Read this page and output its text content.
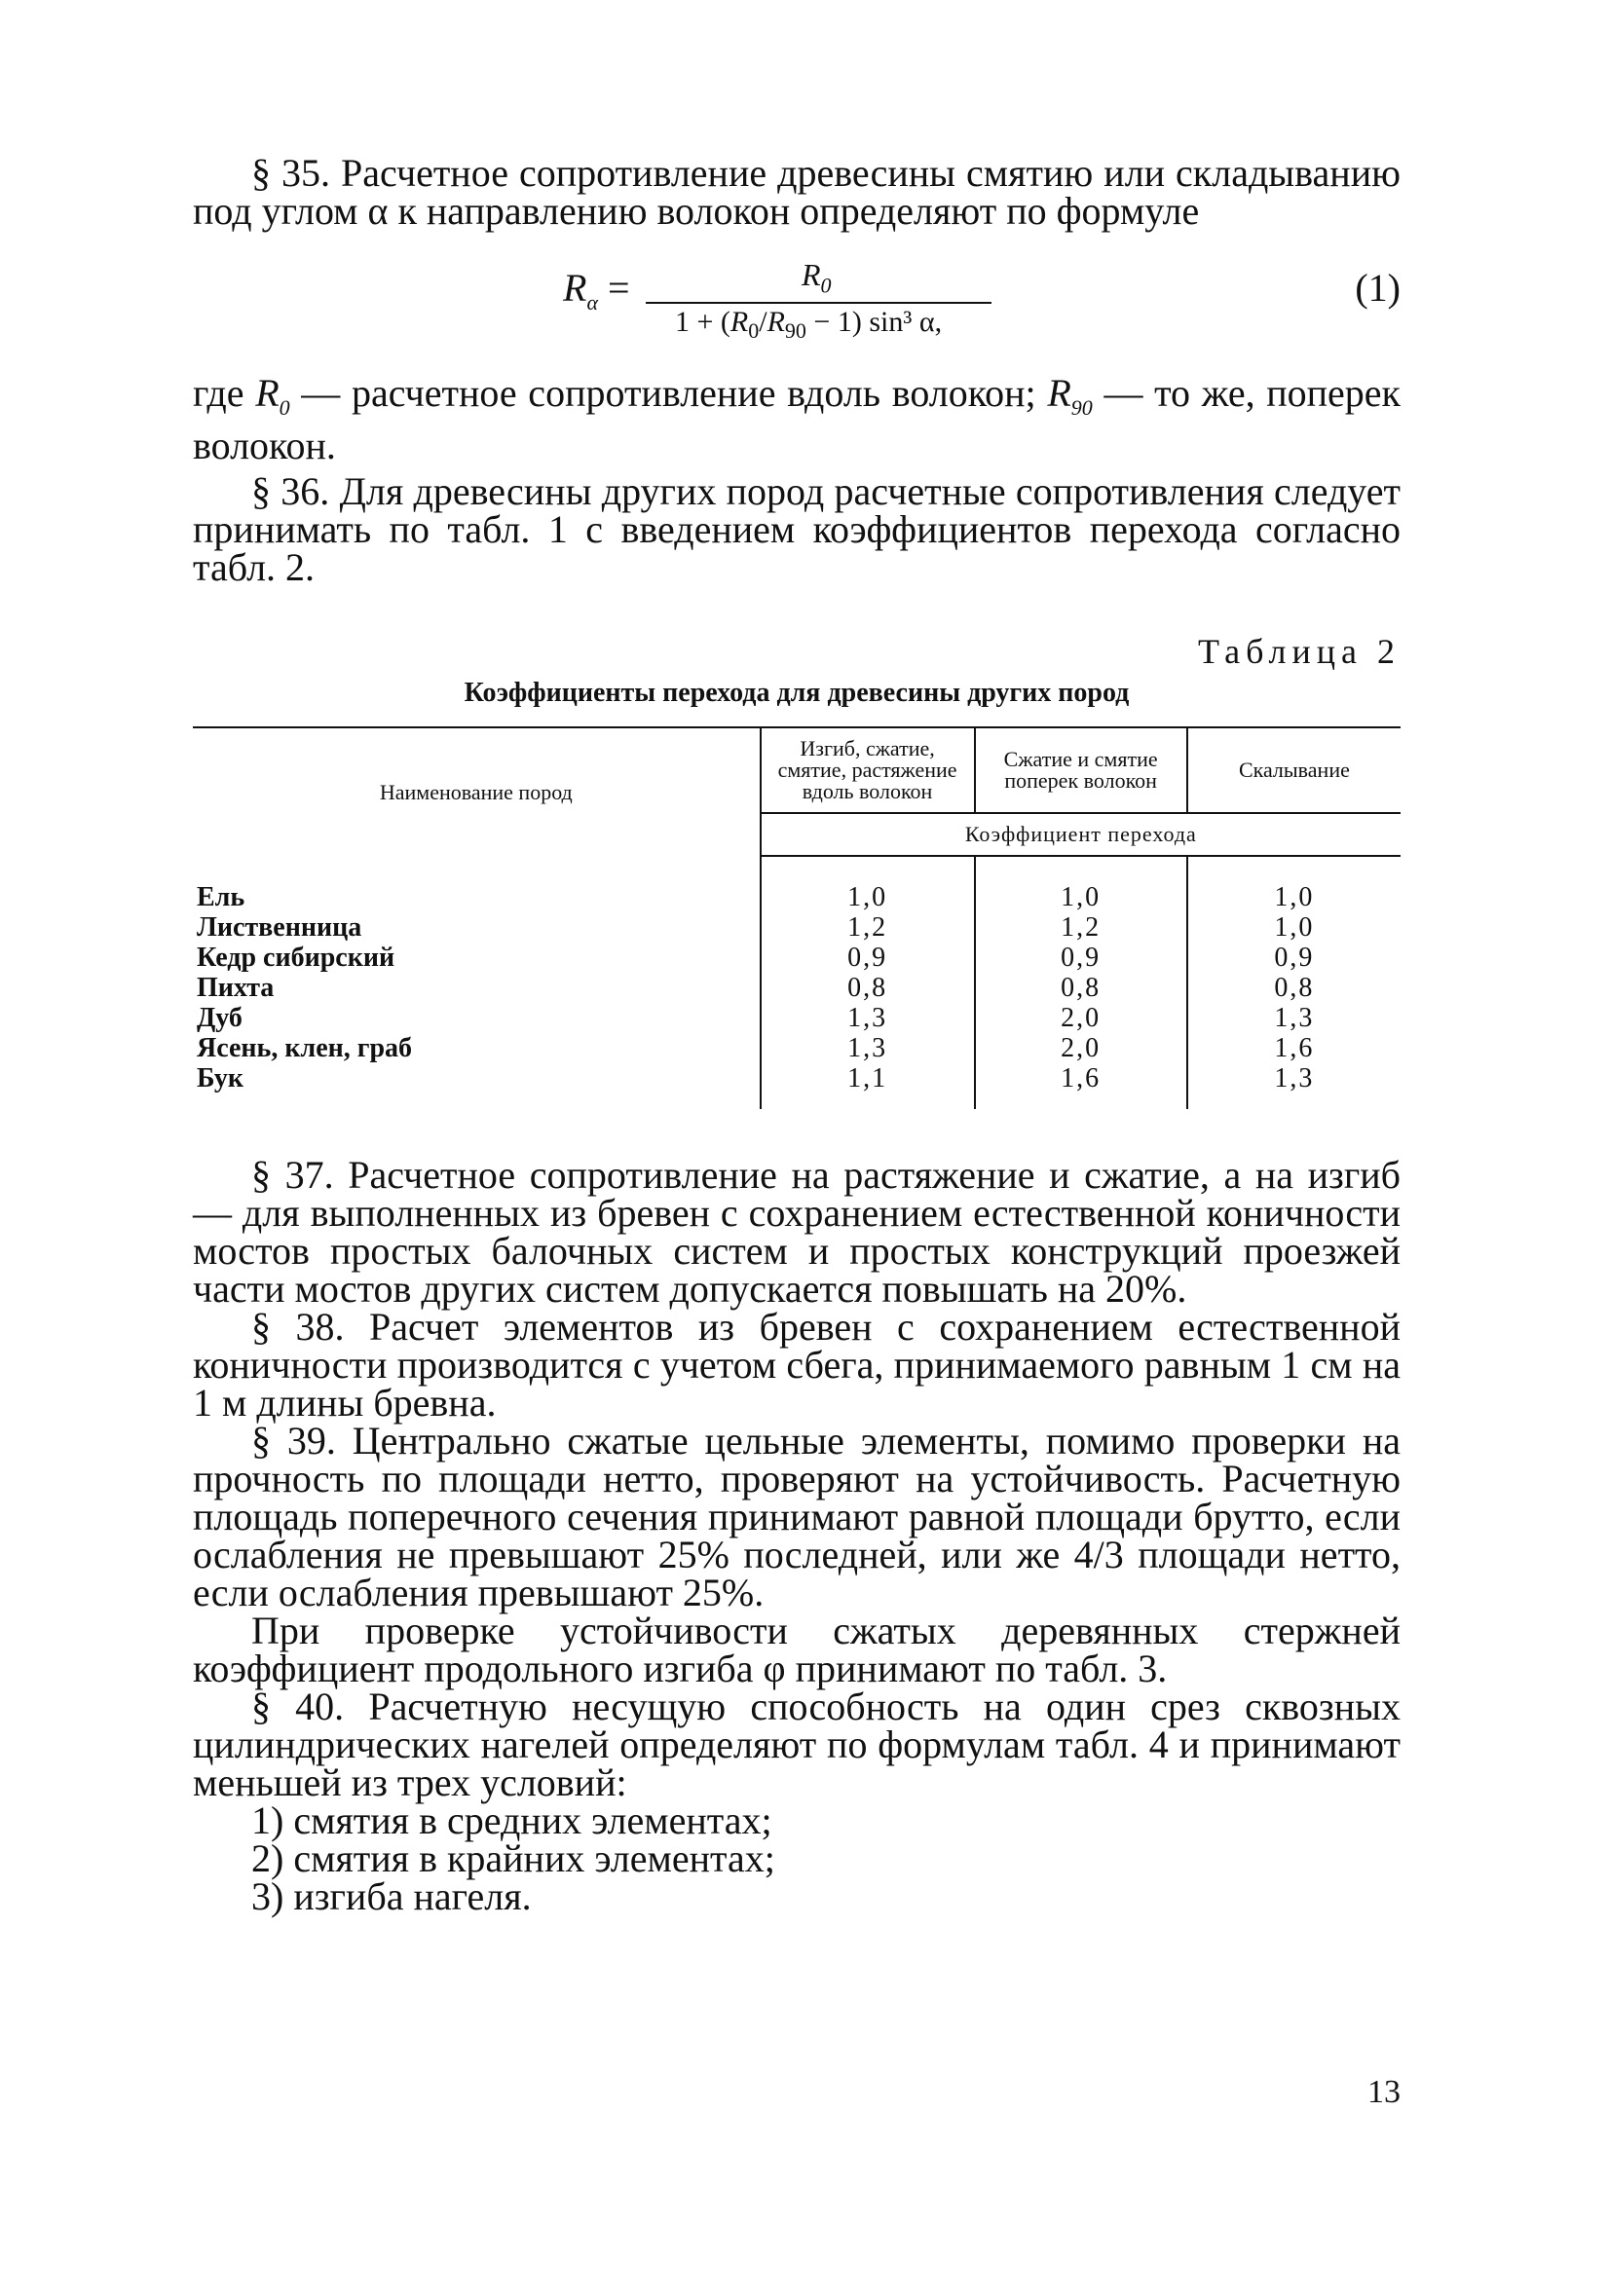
§ 35. Расчетное сопротивление древесины смятию или складыванию под углом α к направлению волокон определяют по формуле

$R_\alpha$ =	$R_0$
$1 + (R_0/R_{90} - 1)$ sin³ α,
(1)

где $R_0$ — расчетное сопротивление вдоль волокон; $R_{90}$ — то же, поперек волокон.

§ 36. Для древесины других пород расчетные сопротивления следует принимать по табл. 1 с введением коэффициентов перехода согласно табл. 2.

Таблица 2
Коэффициенты перехода для древесины других пород
Наименование пород	Изгиб, сжатие, смятие, растяжение вдоль волокон	Сжатие и смятие поперек волокон	Скалывание
	Коэффициент перехода		

Ель	1,0	1,0	1,0
Лиственница	1,2	1,2	1,0
Кедр сибирский	0,9	0,9	0,9
Пихта	0,8	0,8	0,8
Дуб	1,3	2,0	1,3
Ясень, клен, граб	1,3	2,0	1,6
Бук	1,1	1,6	1,3

§ 37. Расчетное сопротивление на растяжение и сжатие, а на изгиб — для выполненных из бревен с сохранением естественной коничности мостов простых балочных систем и простых конструкций проезжей части мостов других систем допускается повышать на 20%.

§ 38. Расчет элементов из бревен с сохранением естественной коничности производится с учетом сбега, принимаемого равным 1 см на 1 м длины бревна.

§ 39. Центрально сжатые цельные элементы, помимо проверки на прочность по площади нетто, проверяют на устойчивость. Расчетную площадь поперечного сечения принимают равной площади брутто, если ослабления не превышают 25% последней, или же 4/3 площади нетто, если ослабления превышают 25%.

При проверке устойчивости сжатых деревянных стержней коэффициент продольного изгиба φ принимают по табл. 3.

§ 40. Расчетную несущую способность на один срез сквозных цилиндрических нагелей определяют по формулам табл. 4 и принимают меньшей из трех условий:

1) смятия в средних элементах;
2) смятия в крайних элементах;
3) изгиба нагеля.
13
